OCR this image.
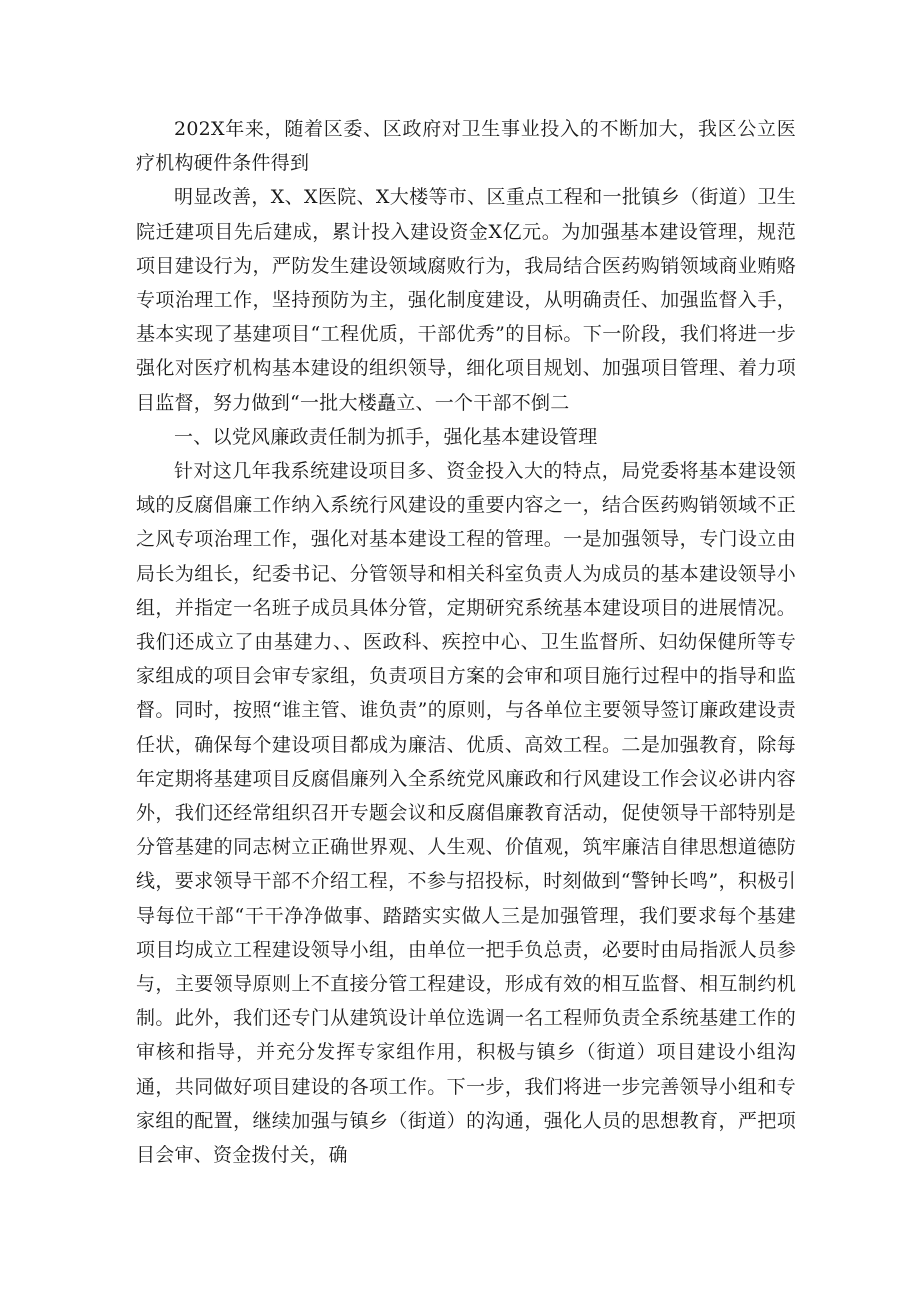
202X年来，随着区委、区政府对卫生事业投入的不断加大，我区公立医疗机构硬件条件得到

明显改善，X、X医院、X大楼等市、区重点工程和一批镇乡（街道）卫生院迁建项目先后建成，累计投入建设资金X亿元。为加强基本建设管理，规范项目建设行为，严防发生建设领域腐败行为，我局结合医药购销领域商业贿赂专项治理工作，坚持预防为主，强化制度建设，从明确责任、加强监督入手，基本实现了基建项目“工程优质，干部优秀”的目标。下一阶段，我们将进一步强化对医疗机构基本建设的组织领导，细化项目规划、加强项目管理、着力项目监督，努力做到“一批大楼矗立、一个干部不倒二

一、以党风廉政责任制为抓手，强化基本建设管理

针对这几年我系统建设项目多、资金投入大的特点，局党委将基本建设领域的反腐倡廉工作纳入系统行风建设的重要内容之一，结合医药购销领域不正之风专项治理工作，强化对基本建设工程的管理。一是加强领导，专门设立由局长为组长，纪委书记、分管领导和相关科室负责人为成员的基本建设领导小组，并指定一名班子成员具体分管，定期研究系统基本建设项目的进展情况。我们还成立了由基建力、、医政科、疾控中心、卫生监督所、妇幼保健所等专家组成的项目会审专家组，负责项目方案的会审和项目施行过程中的指导和监督。同时，按照“谁主管、谁负责”的原则，与各单位主要领导签订廉政建设责任状，确保每个建设项目都成为廉洁、优质、高效工程。二是加强教育，除每年定期将基建项目反腐倡廉列入全系统党风廉政和行风建设工作会议必讲内容外，我们还经常组织召开专题会议和反腐倡廉教育活动，促使领导干部特别是分管基建的同志树立正确世界观、人生观、价值观，筑牢廉洁自律思想道德防线，要求领导干部不介绍工程，不参与招投标，时刻做到“警钟长鸣”，积极引导每位干部“干干净净做事、踏踏实实做人三是加强管理，我们要求每个基建项目均成立工程建设领导小组，由单位一把手负总责，必要时由局指派人员参与，主要领导原则上不直接分管工程建设，形成有效的相互监督、相互制约机制。此外，我们还专门从建筑设计单位选调一名工程师负责全系统基建工作的审核和指导，并充分发挥专家组作用，积极与镇乡（街道）项目建设小组沟通，共同做好项目建设的各项工作。下一步，我们将进一步完善领导小组和专家组的配置，继续加强与镇乡（街道）的沟通，强化人员的思想教育，严把项目会审、资金拨付关，确
